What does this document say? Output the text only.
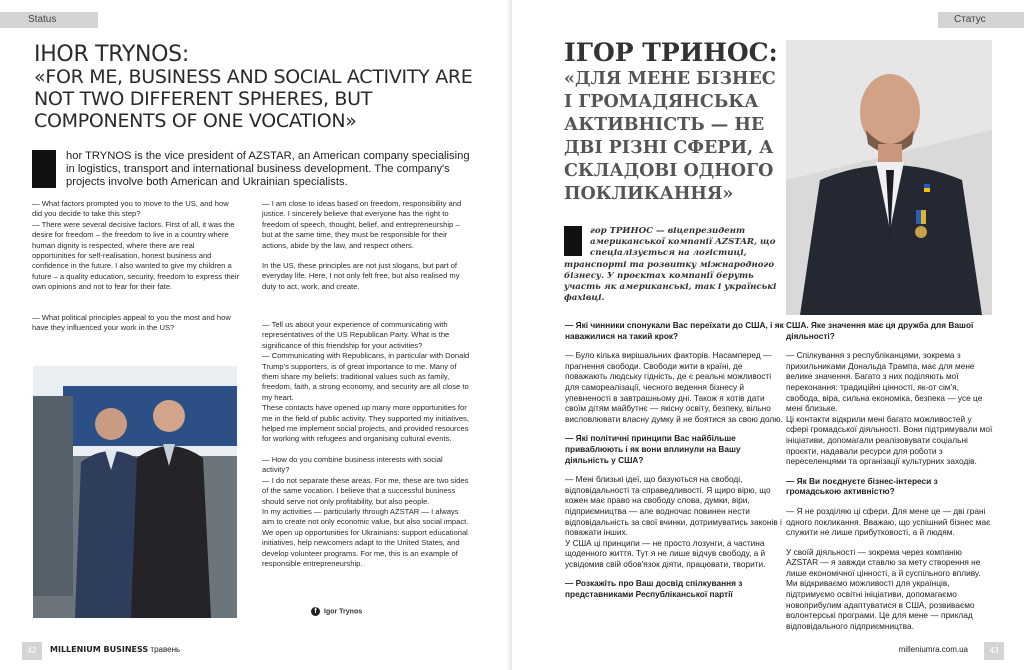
Status
IHOR TRYNOS:
«FOR ME, BUSINESS AND SOCIAL ACTIVITY ARE NOT TWO DIFFERENT SPHERES, BUT COMPONENTS OF ONE VOCATION»
I	hor TRYNOS is the vice president of AZSTAR, an American company specialising in logistics, transport and international business development. The company's projects involve both American and Ukrainian specialists.

— What factors prompted you to move to the US, and how did you decide to take this step?

— There were several decisive factors. First of all, it was the desire for freedom – the freedom to live in a country where human dignity is respected, where there are real opportunities for self-realisation, honest business and confidence in the future. I also wanted to give my children a future – a quality education, security, freedom to express their own opinions and not to fear for their fate.

— What political principles appeal to you the most and how have they influenced your work in the US?

— I am close to ideas based on freedom, responsibility and justice. I sincerely believe that everyone has the right to freedom of speech, thought, belief, and entrepreneurship – but at the same time, they must be responsible for their actions, abide by the law, and respect others.

In the US, these principles are not just slogans, but part of everyday life. Here, I not only felt free, but also realised my duty to act, work, and create.

— Tell us about your experience of communicating with representatives of the US Republican Party. What is the significance of this friendship for your activities?

— Communicating with Republicans, in particular with Donald Trump's supporters, is of great importance to me. Many of them share my beliefs: traditional values such as family, freedom, faith, a strong economy, and security are all close to my heart.

These contacts have opened up many more opportunities for me in the field of public activity. They supported my initiatives, helped me implement social projects, and provided resources for working with refugees and organising cultural events.

— How do you combine business interests with social activity?

— I do not separate these areas. For me, these are two sides of the same vocation. I believe that a successful business should serve not only profitability, but also people.

In my activities — particularly through AZSTAR — I always aim to create not only economic value, but also social impact. We open up opportunities for Ukrainians: support educational initiatives, help newcomers adapt to the United States, and develop volunteer programs. For me, this is an example of responsible entrepreneurship.

f Igor Trynos
42	MILLENIUM BUSINESS травень
Статус
ІГОР ТРИНОС:
«ДЛЯ МЕНЕ БІЗНЕС І ГРОМАДЯНСЬКА АКТИВНІСТЬ — НЕ ДВІ РІЗНІ СФЕРИ, А СКЛАДОВІ ОДНОГО ПОКЛИКАННЯ»
І	гор ТРИНОС — віцепрезидент американської компанії AZSTAR, що спеціалізується на логістиці, транспорті та розвитку міжнародного бізнесу. У проєктах компанії беруть участь як американські, так і українські фахівці.

— Які чинники спонукали Вас переїхати до США, і як наважилися на такий крок?

— Було кілька вирішальних факторів. Насамперед — прагнення свободи. Свободи жити в країні, де поважають людську гідність, де є реальні можливості для самореалізації, чесного ведення бізнесу й упевненості в завтрашньому дні. Також я хотів дати своїм дітям майбутнє — якісну освіту, безпеку, вільно висловлювати власну думку й не боятися за свою долю.

— Які політичні принципи Вас найбільше приваблюють і як вони вплинули на Вашу діяльність у США?

— Мені близькі ідеї, що базуються на свободі, відповідальності та справедливості. Я щиро вірю, що кожен має право на свободу слова, думки, віри, підприємництва — але водночас повинен нести відповідальність за свої вчинки, дотримуватись законів і поважати інших.

У США ці принципи — не просто лозунги, а частина щоденного життя. Тут я не лише відчув свободу, а й усвідомив свій обов'язок діяти, працювати, творити.

— Розкажіть про Ваш досвід спілкування з представниками Республіканської партії

США. Яке значення має ця дружба для Вашої діяльності?

— Спілкування з республіканцями, зокрема з прихильниками Дональда Трампа, має для мене велике значення. Багато з них поділяють мої переконання: традиційні цінності, як-от сім'я, свобода, віра, сильна економіка, безпека — усе це мені близьке.

Ці контакти відкрили мені багато можливостей у сфері громадської діяльності. Вони підтримували мої ініціативи, допомагали реалізовувати соціальні проєкти, надавали ресурси для роботи з переселенцями та організації культурних заходів.

— Як Ви поєднуєте бізнес-інтереси з громадською активністю?

— Я не розділяю ці сфери. Для мене це — дві грані одного покликання. Вважаю, що успішний бізнес має служити не лише прибутковості, а й людям.

У своїй діяльності — зокрема через компанію AZSTAR — я завжди ставлю за мету створення не лише економічної цінності, а й суспільного впливу. Ми відкриваємо можливості для українців, підтримуємо освітні ініціативи, допомагаємо новоприбулим адаптуватися в США, розвиваємо волонтерські програми. Це для мене — приклад відповідального підприємництва.

milleniumra.com.ua	43
